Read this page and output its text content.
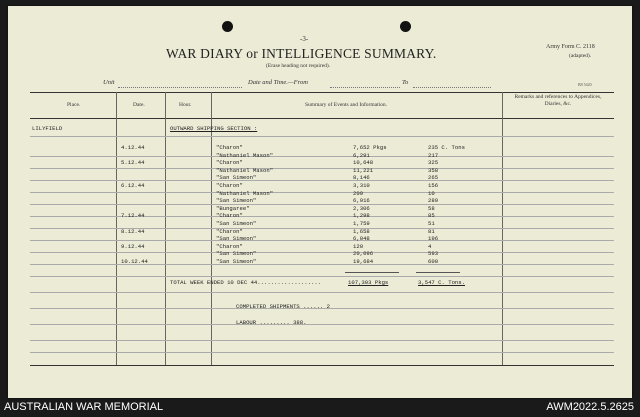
-3-
WAR DIARY or INTELLIGENCE SUMMARY.
(Erase heading not required).
Army Form C. 2118
(adapted).
Unit	Date and Time.—From	To	B8 5420
Place.	Date.	Hour.	Summary of Events and Information.
Remarks and references to Appendices, Diaries, &c.
LILYFIELD	OUTWARD SHIPPING SECTION :
4.12.44	"Charon"	7,652 Pkgs	235 C. Tons
"Nathaniel Mason"	6,291	217
5.12.44	"Charon"	10,648	325
"Nathaniel Mason"	11,221	358
"San Simeon"	8,146	265
6.12.44	"Charon"	3,310	156
"Nathaniel Mason"	209	10
"San Simeon"	6,916	289
"Bungaree"	2,306	58
7.12.44	"Charon"	1,298	85
"San Simeon"	1,759	51
8.12.44	"Charon"	1,658	81
"San Simeon"	6,048	196
9.12.44	"Charon"	120	4
"San Simeon"	20,096	593
10.12.44	"San Simeon"	19,684	600
TOTAL WEEK ENDED 10 DEC 44...................	107,303 Pkgs	3,547 C. Tons.
COMPLETED SHIPMENTS ...... 2
LABOUR ......... 388.
AUSTRALIAN WAR MEMORIAL	AWM2022.5.2625
